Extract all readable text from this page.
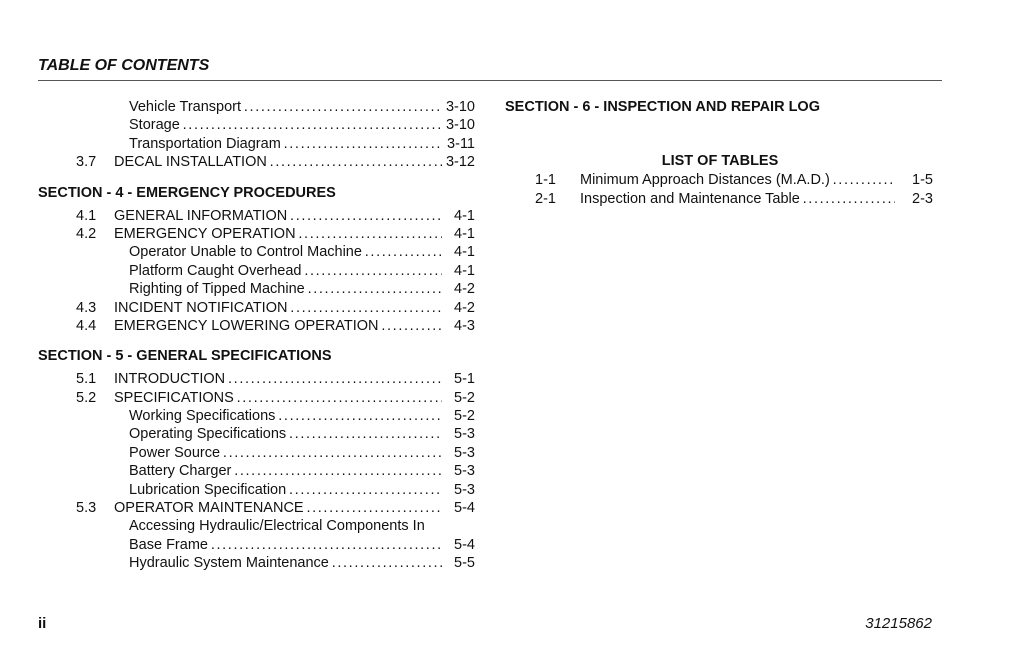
TABLE OF CONTENTS
Vehicle Transport . . .	3-10
Storage . . .	3-10
Transportation Diagram . . .	3-11
3.7 DECAL INSTALLATION . . .	3-12
SECTION - 4 - EMERGENCY PROCEDURES
4.1 GENERAL INFORMATION . . .	4-1
4.2 EMERGENCY OPERATION . . .	4-1
Operator Unable to Control Machine . . .	4-1
Platform Caught Overhead . . .	4-1
Righting of Tipped Machine . . .	4-2
4.3 INCIDENT NOTIFICATION . . .	4-2
4.4 EMERGENCY LOWERING OPERATION . . .	4-3
SECTION - 5 - GENERAL SPECIFICATIONS
5.1 INTRODUCTION . . .	5-1
5.2 SPECIFICATIONS . . .	5-2
Working Specifications . . .	5-2
Operating Specifications . . .	5-3
Power Source . . .	5-3
Battery Charger . . .	5-3
Lubrication Specification . . .	5-3
5.3 OPERATOR MAINTENANCE . . .	5-4
Accessing Hydraulic/Electrical Components In
Base Frame . . .	5-4
Hydraulic System Maintenance . . .	5-5
SECTION - 6 - INSPECTION AND REPAIR LOG
LIST OF TABLES
1-1 Minimum Approach Distances (M.A.D.) . . .	1-5
2-1 Inspection and Maintenance Table . . .	2-3
ii	31215862
